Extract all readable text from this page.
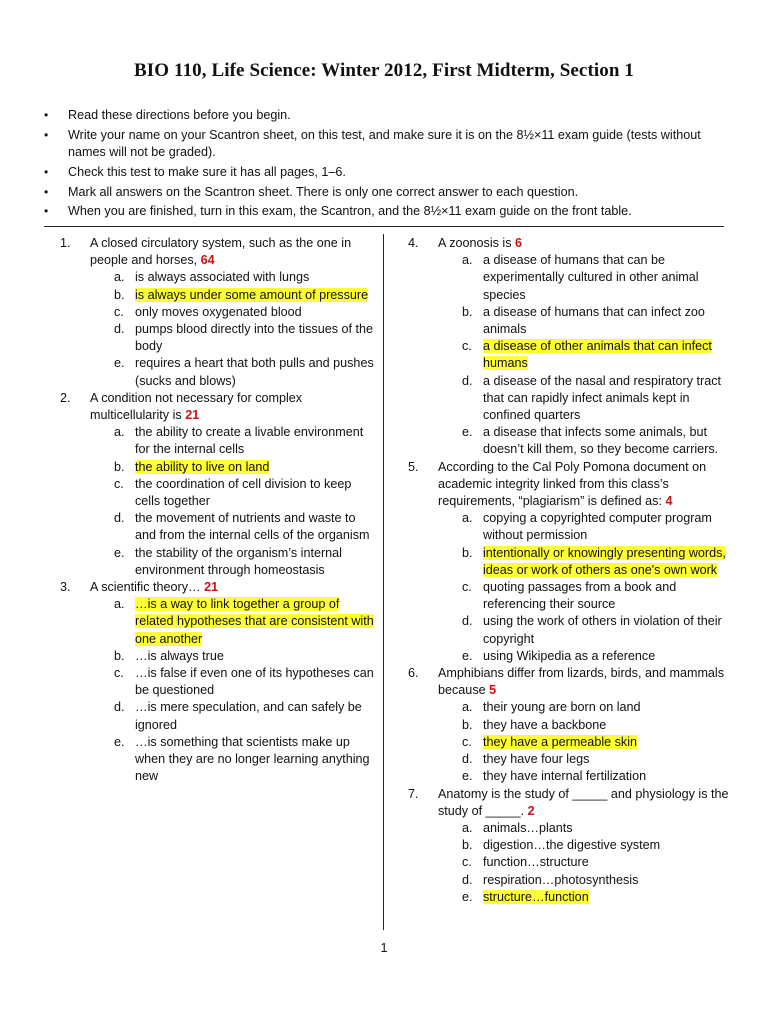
BIO 110, Life Science: Winter 2012, First Midterm, Section 1
• Read these directions before you begin.
• Write your name on your Scantron sheet, on this test, and make sure it is on the 8½×11 exam guide (tests without names will not be graded).
• Check this test to make sure it has all pages, 1–6.
• Mark all answers on the Scantron sheet. There is only one correct answer to each question.
• When you are finished, turn in this exam, the Scantron, and the 8½×11 exam guide on the front table.
1. A closed circulatory system, such as the one in people and horses, 64
a. is always associated with lungs
b. is always under some amount of pressure
c. only moves oxygenated blood
d. pumps blood directly into the tissues of the body
e. requires a heart that both pulls and pushes (sucks and blows)
2. A condition not necessary for complex multicellularity is 21
a. the ability to create a livable environment for the internal cells
b. the ability to live on land
c. the coordination of cell division to keep cells together
d. the movement of nutrients and waste to and from the internal cells of the organism
e. the stability of the organism’s internal environment through homeostasis
3. A scientific theory… 21
a. …is a way to link together a group of related hypotheses that are consistent with one another
b. …is always true
c. …is false if even one of its hypotheses can be questioned
d. …is mere speculation, and can safely be ignored
e. …is something that scientists make up when they are no longer learning anything new
4. A zoonosis is 6
a. a disease of humans that can be experimentally cultured in other animal species
b. a disease of humans that can infect zoo animals
c. a disease of other animals that can infect humans
d. a disease of the nasal and respiratory tract that can rapidly infect animals kept in confined quarters
e. a disease that infects some animals, but doesn’t kill them, so they become carriers.
5. According to the Cal Poly Pomona document on academic integrity linked from this class’s requirements, “plagiarism” is defined as: 4
a. copying a copyrighted computer program without permission
b. intentionally or knowingly presenting words, ideas or work of others as one's own work
c. quoting passages from a book and referencing their source
d. using the work of others in violation of their copyright
e. using Wikipedia as a reference
6. Amphibians differ from lizards, birds, and mammals because 5
a. their young are born on land
b. they have a backbone
c. they have a permeable skin
d. they have four legs
e. they have internal fertilization
7. Anatomy is the study of _____ and physiology is the study of _____. 2
a. animals…plants
b. digestion…the digestive system
c. function…structure
d. respiration…photosynthesis
e. structure…function
1
